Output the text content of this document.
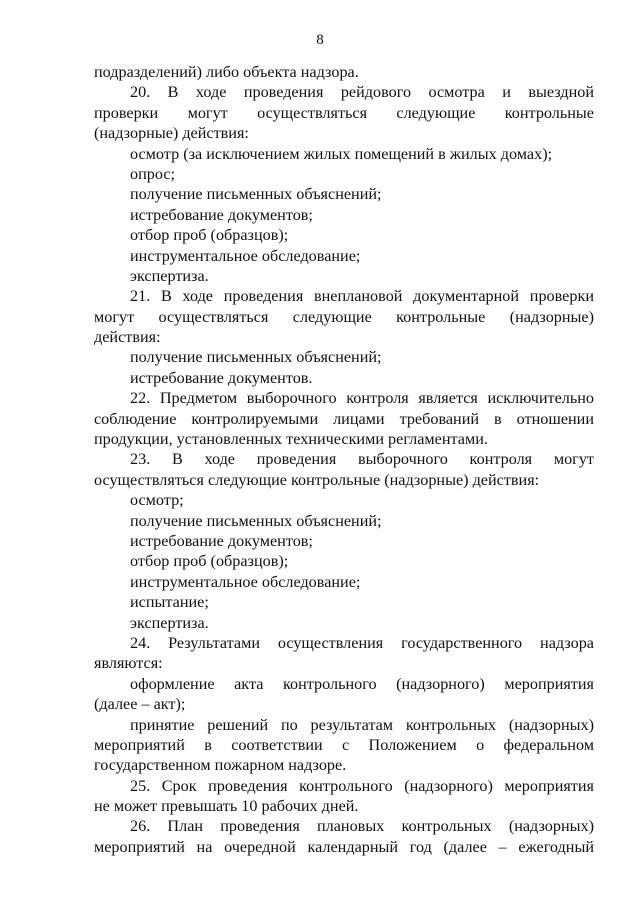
8
подразделений) либо объекта надзора.
20. В ходе проведения рейдового осмотра и выездной
проверки могут осуществляться следующие контрольные
(надзорные) действия:
осмотр (за исключением жилых помещений в жилых домах);
опрос;
получение письменных объяснений;
истребование документов;
отбор проб (образцов);
инструментальное обследование;
экспертиза.
21. В ходе проведения внеплановой документарной проверки
могут осуществляться следующие контрольные (надзорные)
действия:
получение письменных объяснений;
истребование документов.
22. Предметом выборочного контроля является исключительно
соблюдение контролируемыми лицами требований в отношении
продукции, установленных техническими регламентами.
23. В ходе проведения выборочного контроля могут
осуществляться следующие контрольные (надзорные) действия:
осмотр;
получение письменных объяснений;
истребование документов;
отбор проб (образцов);
инструментальное обследование;
испытание;
экспертиза.
24. Результатами осуществления государственного надзора
являются:
оформление акта контрольного (надзорного) мероприятия
(далее – акт);
принятие решений по результатам контрольных (надзорных)
мероприятий в соответствии с Положением о федеральном
государственном пожарном надзоре.
25. Срок проведения контрольного (надзорного) мероприятия
не может превышать 10 рабочих дней.
26. План проведения плановых контрольных (надзорных)
мероприятий на очередной календарный год (далее – ежегодный
